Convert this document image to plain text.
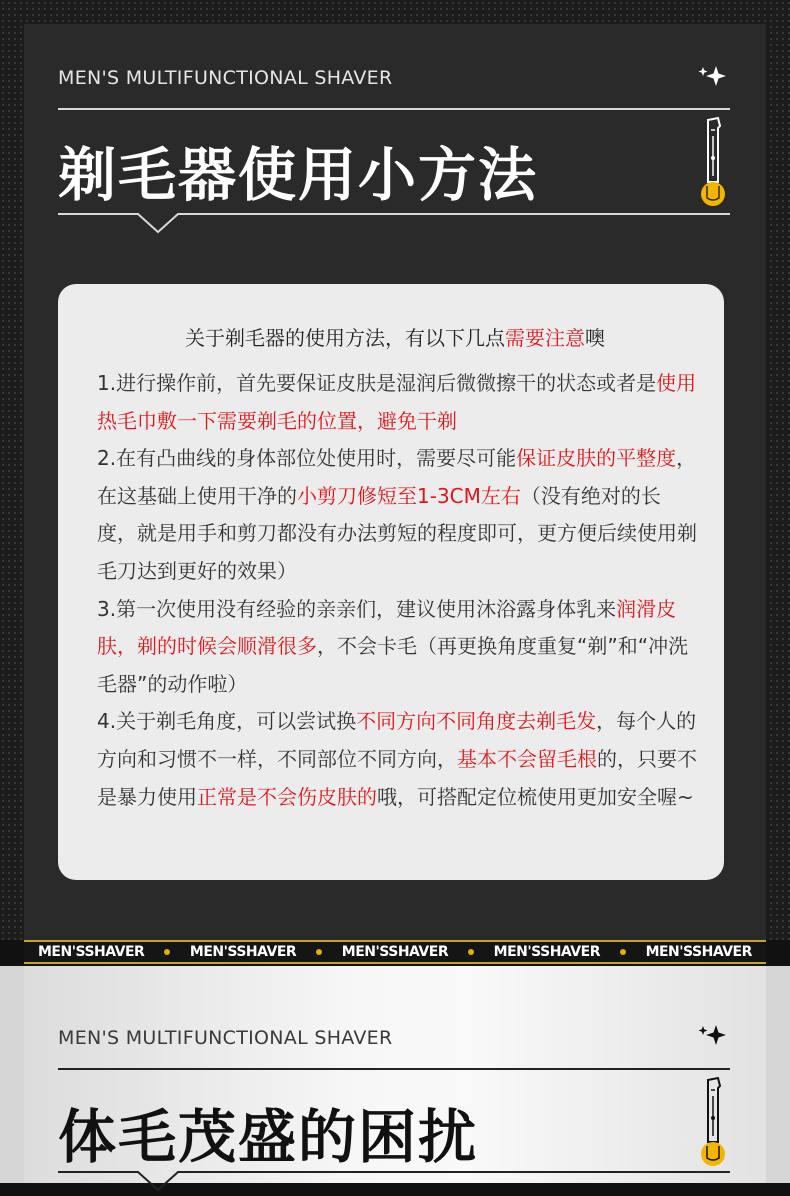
MEN'S MULTIFUNCTIONAL SHAVER
剃毛器使用小方法
关于剃毛器的使用方法，有以下几点需要注意噢
1.进行操作前，首先要保证皮肤是湿润后微微擦干的状态或者是使用热毛巾敷一下需要剃毛的位置，避免干剃
2.在有凸曲线的身体部位处使用时，需要尽可能保证皮肤的平整度，在这基础上使用干净的小剪刀修短至1-3CM左右（没有绝对的长度，就是用手和剪刀都没有办法剪短的程度即可，更方便后续使用剃毛刀达到更好的效果）
3.第一次使用没有经验的亲亲们，建议使用沐浴露身体乳来润滑皮肤，剃的时候会顺滑很多，不会卡毛（再更换角度重复“剃”和“冲洗毛器”的动作啦）
4.关于剃毛角度，可以尝试换不同方向不同角度去剃毛发，每个人的方向和习惯不一样，不同部位不同方向，基本不会留毛根的，只要不是暴力使用正常是不会伤皮肤的哦，可搭配定位梳使用更加安全喔~
MEN'SSHAVER	MEN'SSHAVER	MEN'SSHAVER	MEN'SSHAVER	MEN'SSHAVER
MEN'S MULTIFUNCTIONAL SHAVER
体毛茂盛的困扰
